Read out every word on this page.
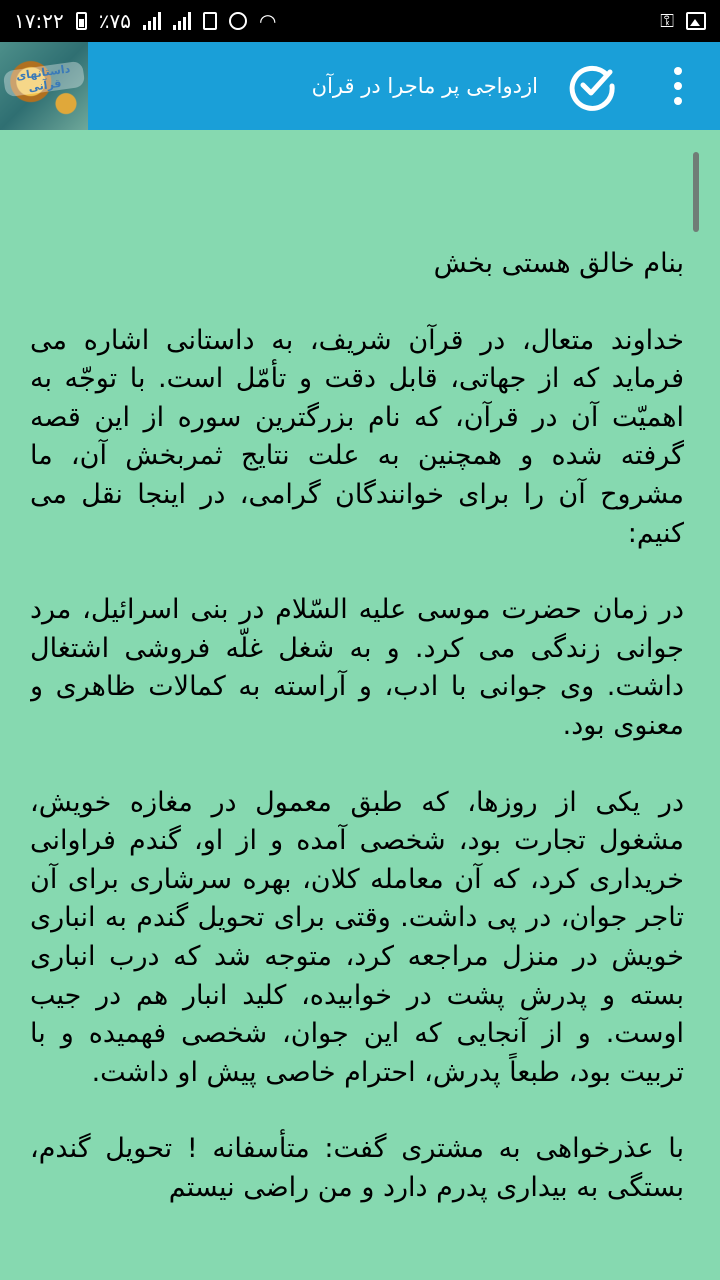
۱۷:۲۲ ٪۷۵	◠	⚿
داستانهای قرآنی	ازدواجی پر ماجرا در قرآن

بنام خالق هستی بخش

خداوند متعال، در قرآن شریف، به داستانی اشاره می فرماید که از جهاتی، قابل دقت و تأمّل است. با توجّه به اهمیّت آن در قرآن، که نام بزرگترین سوره از این قصه گرفته شده و همچنین به علت نتایج ثمربخش آن، ما مشروح آن را برای خوانندگان گرامی، در اینجا نقل می کنیم:

در زمان حضرت موسی علیه السّلام در بنی اسرائیل، مرد جوانی زندگی می کرد. و به شغل غلّه فروشی اشتغال داشت. وی جوانی با ادب، و آراسته به کمالات ظاهری و معنوی بود.

در یکی از روزها، که طبق معمول در مغازه خویش، مشغول تجارت بود، شخصی آمده و از او، گندم فراوانی خریداری کرد، که آن معامله کلان، بهره سرشاری برای آن تاجر جوان، در پی داشت. وقتی برای تحویل گندم به انباری خویش در منزل مراجعه کرد، متوجه شد که درب انباری بسته و پدرش پشت در خوابیده، کلید انبار هم در جیب اوست. و از آنجایی که این جوان، شخصی فهمیده و با تربیت بود، طبعاً پدرش، احترام خاصی پیش او داشت.

با عذرخواهی به مشتری گفت: متأسفانه ! تحویل گندم، بستگی به بیداری پدرم دارد و من راضی نیستم
